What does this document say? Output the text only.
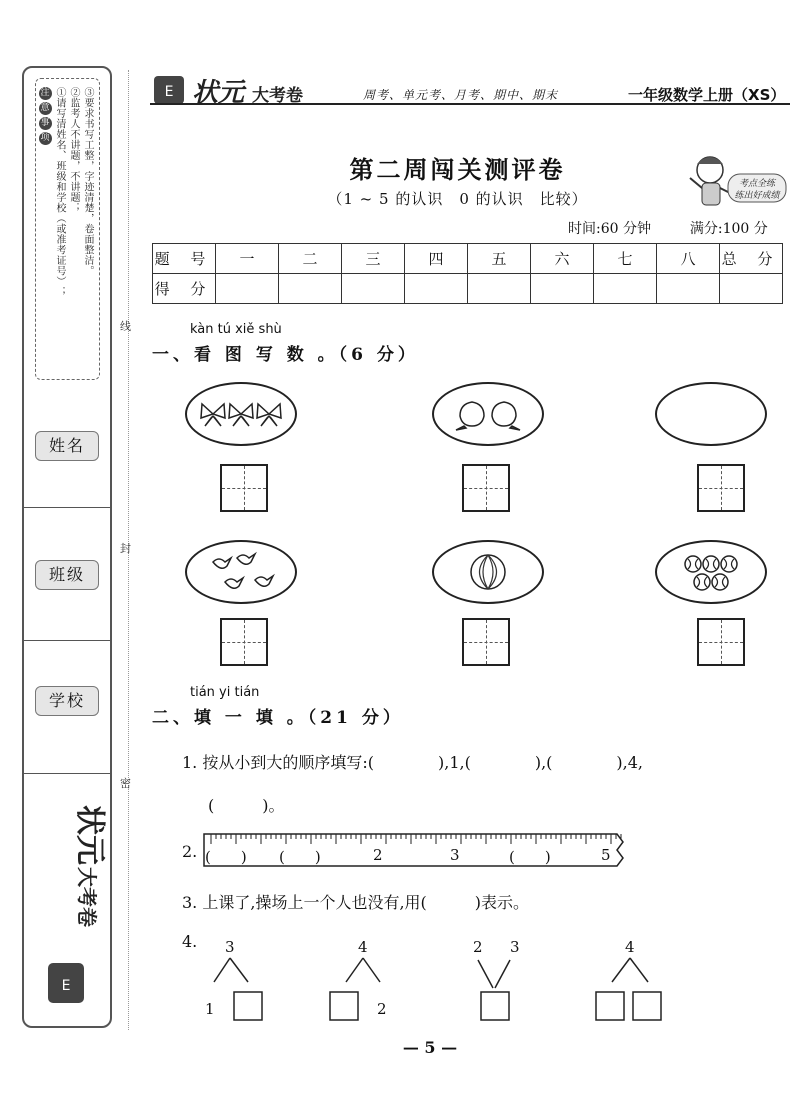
注
意
事
项 ①请写清姓名、班级和学校（或准考证号）； ②监考人不讲题，不讲题； ③要求书写工整，字迹清楚，卷面整洁。
姓名
班级
学校
状元
大考卷
E
线
封
密
E 状元 大考卷	周考、单元考、月考、期中、期末	一年级数学上册（XS）
第二周闯关测评卷
（1 ~ 5 的认识　0 的认识　比较）
考点全练
练出好成绩
时间:60 分钟	满分:100 分
题 号	一	二	三	四	五	六	七	八	总 分
得 分									
kàn tú xiě shù
一、看 图 写 数 。（6 分）
tián yi tián
二、填 一 填 。（21 分）
1. 按从小到大的顺序填写:(　　　　),1,(　　　　),(　　　　),4,
(　　　)。
2. (　　) (　　)	2	3	(　　)	5
3. 上课了,操场上一个人也没有,用(　　　)表示。
4. 3
1
4
2
2 3	4
— 5 —
